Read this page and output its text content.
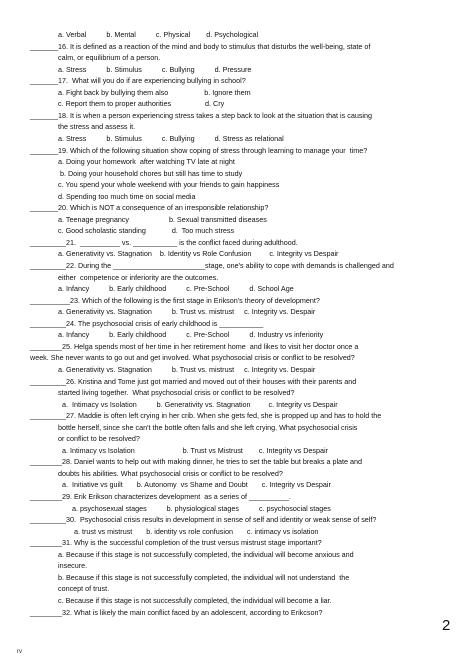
a. Verbal          b. Mental          c. Physical        d. Psychological
_______16. It is defined as a reaction of the mind and body to stimulus that disturbs the well-being, state of
calm, or equilibrium of a person.
a. Stress          b. Stimulus          c. Bullying          d. Pressure
_______17.  What will you do if are experiencing bullying in school?
a. Fight back by bullying them also                  b. Ignore them
c. Report them to proper authorities                 d. Cry
_______18. It is when a person experiencing stress takes a step back to look at the situation that is causing
the stress and assess it.
a. Stress          b. Stimulus          c. Bullying          d. Stress as relational
_______19. Which of the following situation show coping of stress through learning to manage your  time?
a. Doing your homework  after watching TV late at night
b. Doing your household chores but still has time to study
c. You spend your whole weekend with your friends to gain happiness
d. Spending too much time on social media
_______20. Which is NOT a consequence of an irresponsible relationship?
a. Teenage pregnancy                    b. Sexual transmitted diseases
c. Good scholastic standing             d.  Too much stress
_________21.  __________ vs. ___________ is the conflict faced during adulthood.
a. Generativity vs. Stagnation    b. Identity vs Role Confusion         c. Integrity vs Despair
_________22. During the _______________________stage, one's ability to cope with demands is challenged and
either  competence or inferiority are the outcomes.
a. Infancy          b. Early childhood          c. Pre-School          d. School Age
__________23. Which of the following is the first stage in Erikson's theory of development?
a. Generativity vs. Stagnation          b. Trust vs. mistrust     c. Integrity vs. Despair
_________24. The psychosocial crisis of early childhood is ___________
a. Infancy          b. Early childhood          c. Pre-School          d. Industry vs inferiority
________25. Helga spends most of her time in her retirement home  and likes to visit her doctor once a
week. She never wants to go out and get involved. What psychosocial crisis or conflict to be resolved?
a. Generativity vs. Stagnation          b. Trust vs. mistrust     c. Integrity vs. Despair
_________26. Kristina and Tome just got married and moved out of their houses with their parents and
started living together.  What psychosocial crisis or conflict to be resolved?
a.  Intimacy vs Isolation          b. Generativity vs. Stagnation         c. Integrity vs Despair
_________27. Maddie is often left crying in her crib. When she gets fed, she is propped up and has to hold the
bottle herself, since she can't the bottle often falls and she left crying. What psychosocial crisis
or conflict to be resolved?
a. Intimacy vs Isolation                        b. Trust vs Mistrust        c. Integrity vs Despair
________28. Daniel wants to help out with making dinner, he tries to set the table but breaks a plate and
doubts his abilities. What psychosocial crisis or conflict to be resolved?
a.  Initiative vs guilt       b. Autonomy  vs Shame and Doubt       c. Integrity vs Despair
________29. Erik Erikson characterizes development  as a series of __________.
a. psychosexual stages          b. physiological stages          c. psychosocial stages
_________30.  Psychosocial crisis results in development in sense of self and identity or weak sense of self?
a. trust vs mistrust       b. identity vs role confusion       c. intimacy vs isolation
________31. Why is the successful completion of the trust versus mistrust stage important?
a. Because if this stage is not successfully completed, the individual will become anxious and
insecure.
b. Because if this stage is not successfully completed, the individual will not understand  the
concept of trust.
c. Because if this stage is not successfully completed, the individual will become a liar.
________32. What is likely the main conflict faced by an adolescent, according to Erikcson?
2
rv
